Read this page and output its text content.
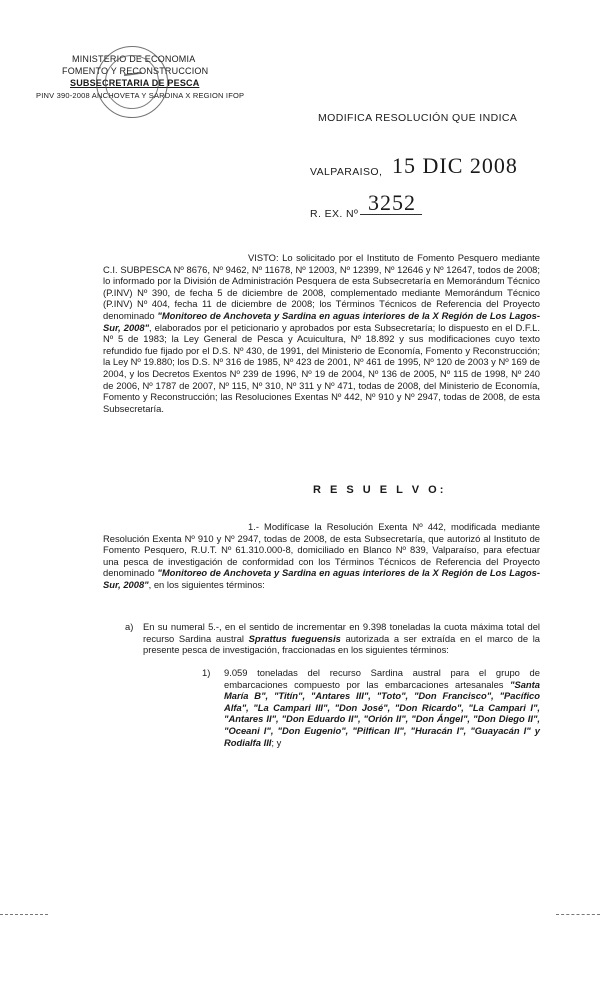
MINISTERIO DE ECONOMIA
FOMENTO Y RECONSTRUCCION
SUBSECRETARIA DE PESCA
PINV 390-2008 ANCHOVETA Y SARDINA X REGION IFOP
MODIFICA RESOLUCIÓN QUE INDICA
VALPARAISO, 15 DIC 2008
R. EX. Nº 3252
VISTO: Lo solicitado por el Instituto de Fomento Pesquero mediante C.I. SUBPESCA Nº 8676, Nº 9462, Nº 11678, Nº 12003, Nº 12399, Nº 12646 y Nº 12647, todos de 2008; lo informado por la División de Administración Pesquera de esta Subsecretaría en Memorándum Técnico (P.INV) Nº 390, de fecha 5 de diciembre de 2008, complementado mediante Memorándum Técnico (P.INV) Nº 404, fecha 11 de diciembre de 2008; los Términos Técnicos de Referencia del Proyecto denominado "Monitoreo de Anchoveta y Sardina en aguas interiores de la X Región de Los Lagos-Sur, 2008", elaborados por el peticionario y aprobados por esta Subsecretaría; lo dispuesto en el D.F.L. Nº 5 de 1983; la Ley General de Pesca y Acuicultura, Nº 18.892 y sus modificaciones cuyo texto refundido fue fijado por el D.S. Nº 430, de 1991, del Ministerio de Economía, Fomento y Reconstrucción; la Ley Nº 19.880; los D.S. Nº 316 de 1985, Nº 423 de 2001, Nº 461 de 1995, Nº 120 de 2003 y Nº 169 de 2004, y los Decretos Exentos Nº 239 de 1996, Nº 19 de 2004, Nº 136 de 2005, Nº 115 de 1998, Nº 240 de 2006, Nº 1787 de 2007, Nº 115, Nº 310, Nº 311 y Nº 471, todas de 2008, del Ministerio de Economía, Fomento y Reconstrucción; las Resoluciones Exentas Nº 442, Nº 910 y Nº 2947, todas de 2008, de esta Subsecretaría.
R E S U E L V O:
1.- Modifícase la Resolución Exenta Nº 442, modificada mediante Resolución Exenta Nº 910 y Nº 2947, todas de 2008, de esta Subsecretaría, que autorizó al Instituto de Fomento Pesquero, R.U.T. Nº 61.310.000-8, domiciliado en Blanco Nº 839, Valparaíso, para efectuar una pesca de investigación de conformidad con los Términos Técnicos de Referencia del Proyecto denominado "Monitoreo de Anchoveta y Sardina en aguas interiores de la X Región de Los Lagos-Sur, 2008", en los siguientes términos:
a) En su numeral 5.-, en el sentido de incrementar en 9.398 toneladas la cuota máxima total del recurso Sardina austral Sprattus fueguensis autorizada a ser extraída en el marco de la presente pesca de investigación, fraccionadas en los siguientes términos:
1) 9.059 toneladas del recurso Sardina austral para el grupo de embarcaciones compuesto por las embarcaciones artesanales "Santa María B", "Titín", "Antares III", "Toto", "Don Francisco", "Pacífico Alfa", "La Campari III", "Don José", "Don Ricardo", "La Campari I", "Antares II", "Don Eduardo II", "Orión II", "Don Ángel", "Don Diego II", "Oceani I", "Don Eugenio", "Pilfican II", "Huracán I", "Guayacán I" y Rodialfa III; y
